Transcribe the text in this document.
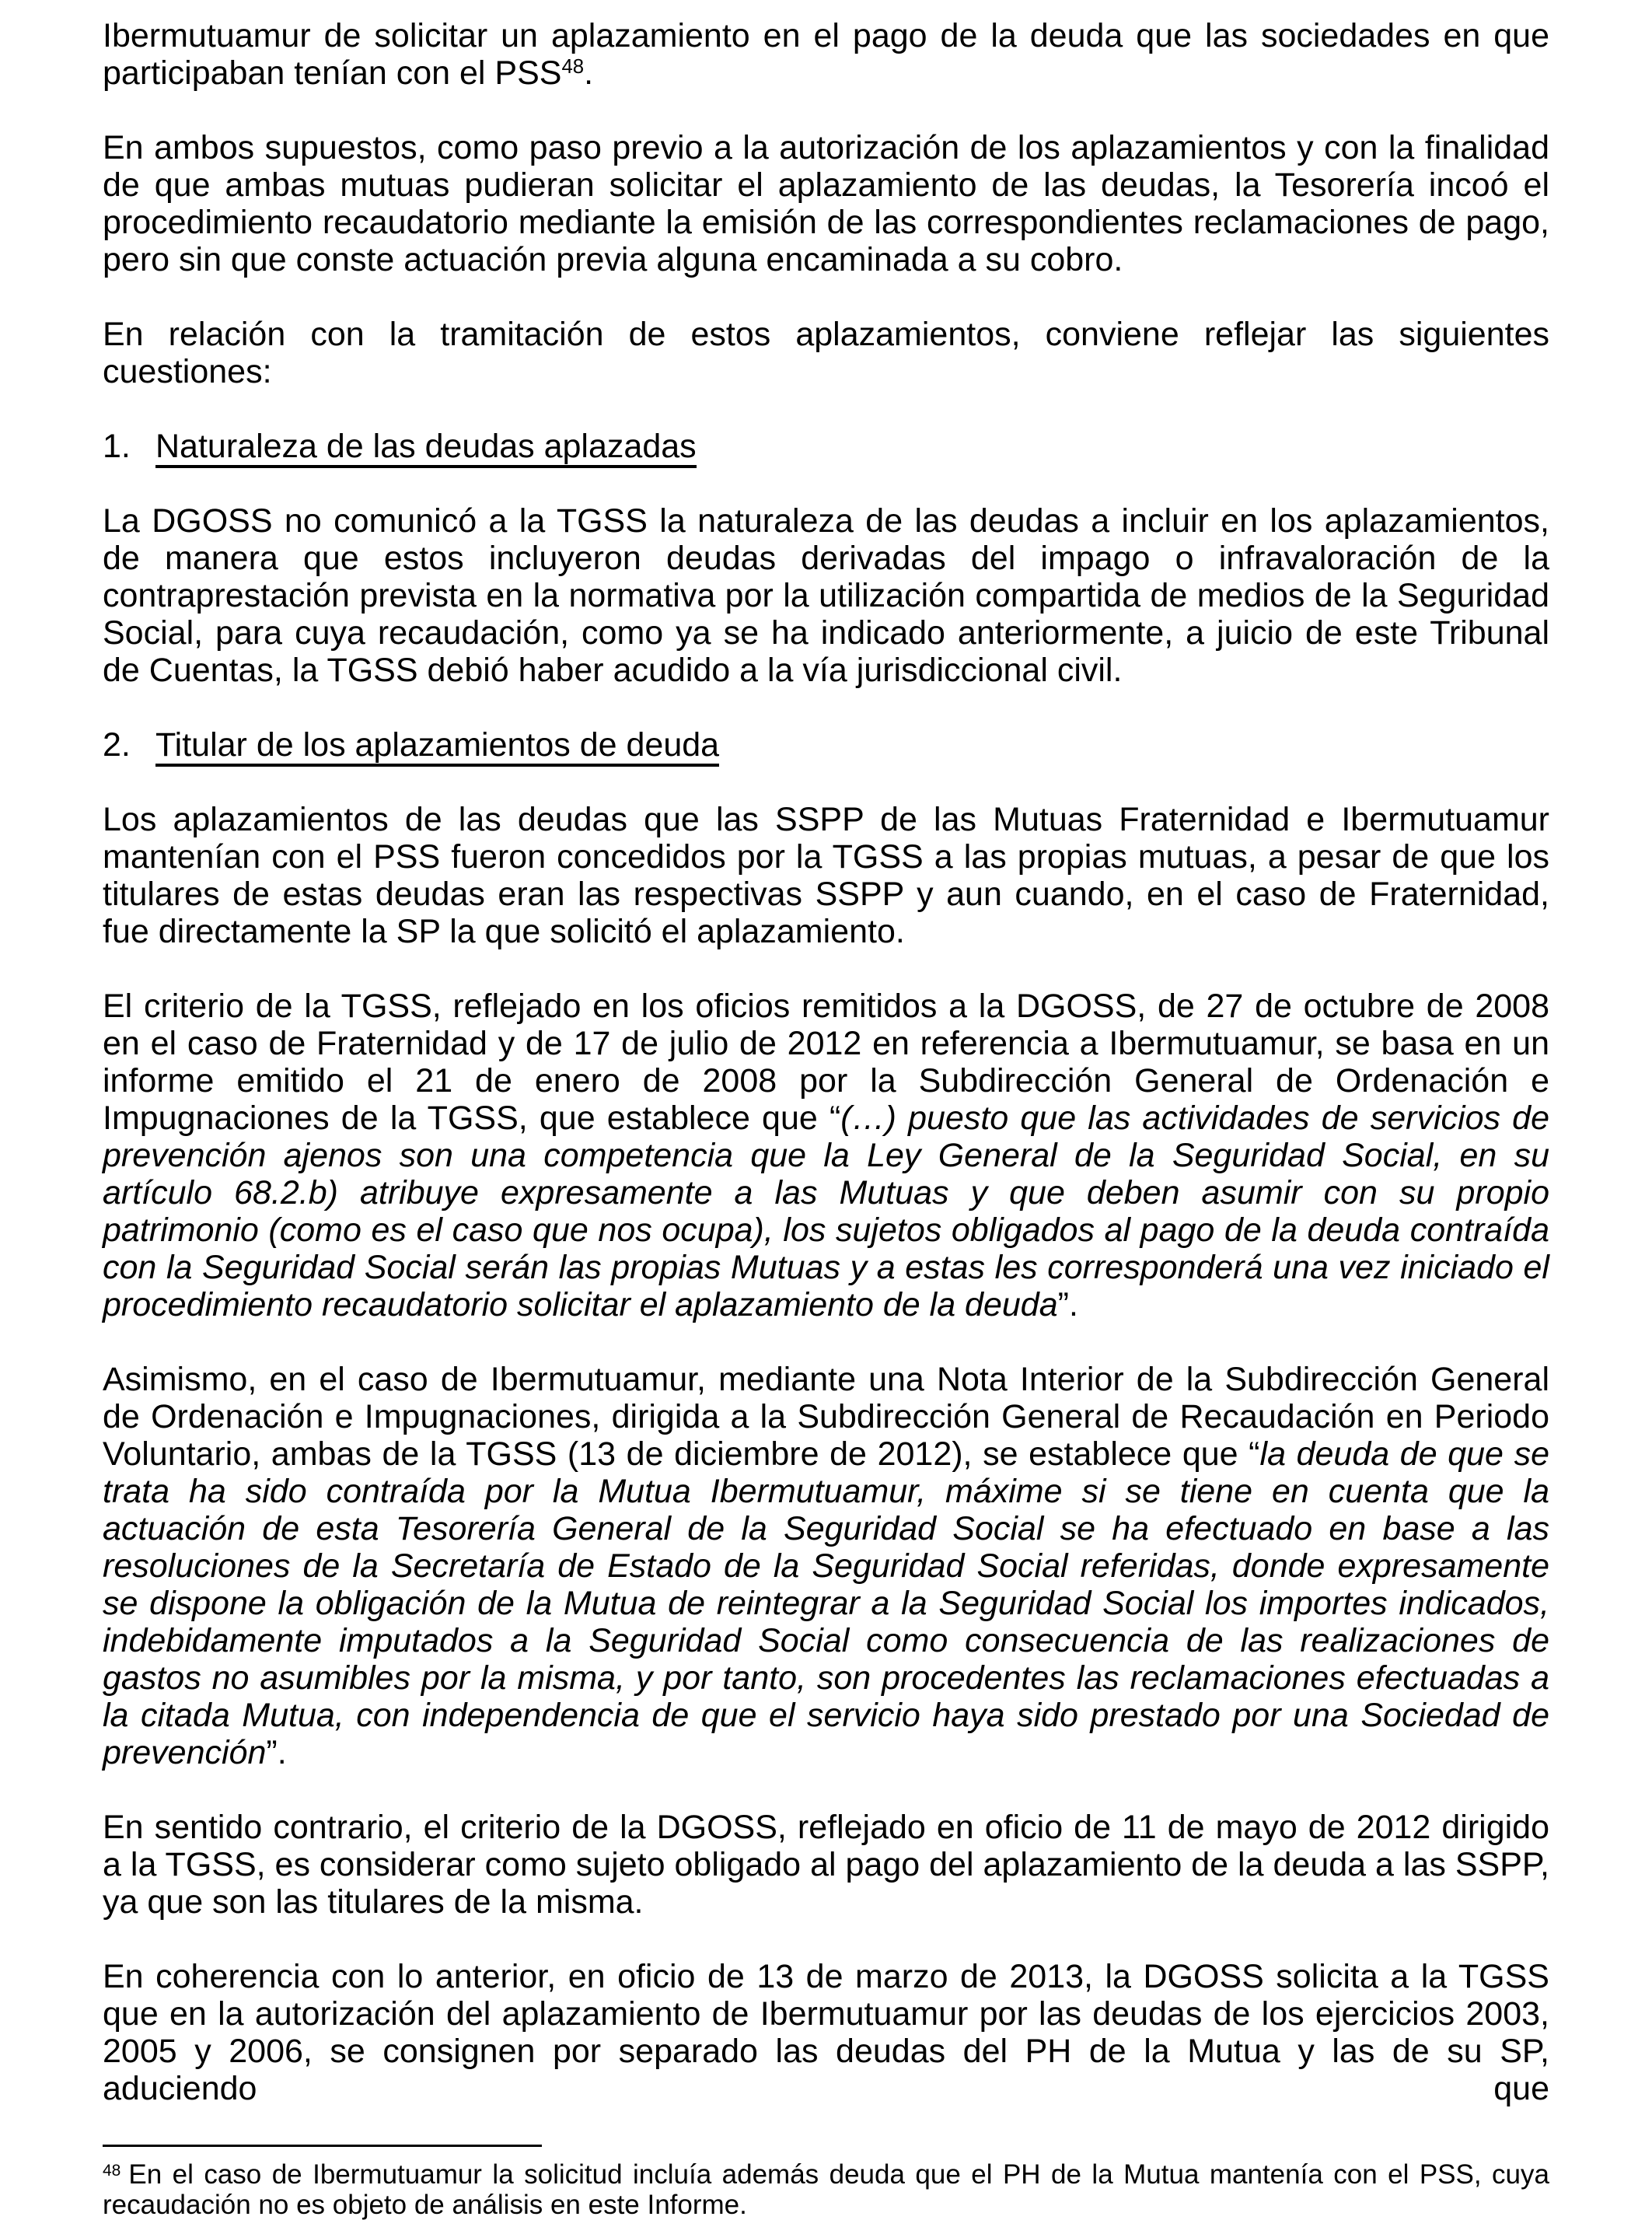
Ibermutuamur de solicitar un aplazamiento en el pago de la deuda que las sociedades en que participaban tenían con el PSS$^{48}$.

En ambos supuestos, como paso previo a la autorización de los aplazamientos y con la finalidad de que ambas mutuas pudieran solicitar el aplazamiento de las deudas, la Tesorería incoó el procedimiento recaudatorio mediante la emisión de las correspondientes reclamaciones de pago, pero sin que conste actuación previa alguna encaminada a su cobro.

En relación con la tramitación de estos aplazamientos, conviene reflejar las siguientes cuestiones:

1. Naturaleza de las deudas aplazadas

La DGOSS no comunicó a la TGSS la naturaleza de las deudas a incluir en los aplazamientos, de manera que estos incluyeron deudas derivadas del impago o infravaloración de la contraprestación prevista en la normativa por la utilización compartida de medios de la Seguridad Social, para cuya recaudación, como ya se ha indicado anteriormente, a juicio de este Tribunal de Cuentas, la TGSS debió haber acudido a la vía jurisdiccional civil.

2. Titular de los aplazamientos de deuda

Los aplazamientos de las deudas que las SSPP de las Mutuas Fraternidad e Ibermutuamur mantenían con el PSS fueron concedidos por la TGSS a las propias mutuas, a pesar de que los titulares de estas deudas eran las respectivas SSPP y aun cuando, en el caso de Fraternidad, fue directamente la SP la que solicitó el aplazamiento.

El criterio de la TGSS, reflejado en los oficios remitidos a la DGOSS, de 27 de octubre de 2008 en el caso de Fraternidad y de 17 de julio de 2012 en referencia a Ibermutuamur, se basa en un informe emitido el 21 de enero de 2008 por la Subdirección General de Ordenación e Impugnaciones de la TGSS, que establece que “(…) puesto que las actividades de servicios de prevención ajenos son una competencia que la Ley General de la Seguridad Social, en su artículo 68.2.b) atribuye expresamente a las Mutuas y que deben asumir con su propio patrimonio (como es el caso que nos ocupa), los sujetos obligados al pago de la deuda contraída con la Seguridad Social serán las propias Mutuas y a estas les corresponderá una vez iniciado el procedimiento recaudatorio solicitar el aplazamiento de la deuda”.

Asimismo, en el caso de Ibermutuamur, mediante una Nota Interior de la Subdirección General de Ordenación e Impugnaciones, dirigida a la Subdirección General de Recaudación en Periodo Voluntario, ambas de la TGSS (13 de diciembre de 2012), se establece que “la deuda de que se trata ha sido contraída por la Mutua Ibermutuamur, máxime si se tiene en cuenta que la actuación de esta Tesorería General de la Seguridad Social se ha efectuado en base a las resoluciones de la Secretaría de Estado de la Seguridad Social referidas, donde expresamente se dispone la obligación de la Mutua de reintegrar a la Seguridad Social los importes indicados, indebidamente imputados a la Seguridad Social como consecuencia de las realizaciones de gastos no asumibles por la misma, y por tanto, son procedentes las reclamaciones efectuadas a la citada Mutua, con independencia de que el servicio haya sido prestado por una Sociedad de prevención”.

En sentido contrario, el criterio de la DGOSS, reflejado en oficio de 11 de mayo de 2012 dirigido a la TGSS, es considerar como sujeto obligado al pago del aplazamiento de la deuda a las SSPP, ya que son las titulares de la misma.

En coherencia con lo anterior, en oficio de 13 de marzo de 2013, la DGOSS solicita a la TGSS que en la autorización del aplazamiento de Ibermutuamur por las deudas de los ejercicios 2003, 2005 y 2006, se consignen por separado las deudas del PH de la Mutua y las de su SP, aduciendo que

$^{48}$ En el caso de Ibermutuamur la solicitud incluía además deuda que el PH de la Mutua mantenía con el PSS, cuya recaudación no es objeto de análisis en este Informe.
